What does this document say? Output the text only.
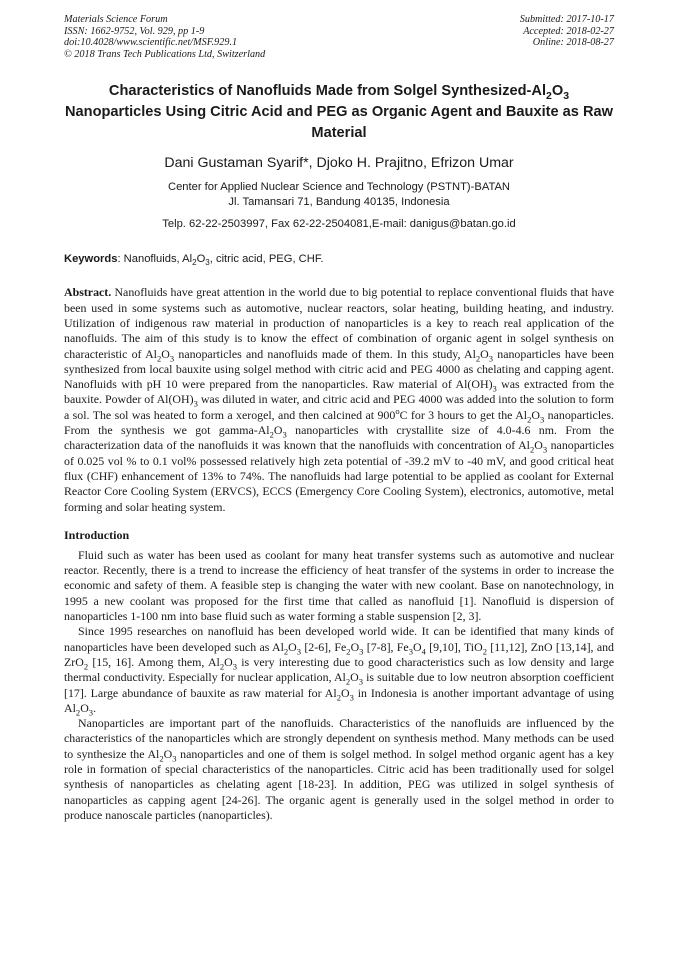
Materials Science Forum
ISSN: 1662-9752, Vol. 929, pp 1-9
doi:10.4028/www.scientific.net/MSF.929.1
© 2018 Trans Tech Publications Ltd, Switzerland
Submitted: 2017-10-17
Accepted: 2018-02-27
Online: 2018-08-27
Characteristics of Nanofluids Made from Solgel Synthesized-$Al_2O_3$ Nanoparticles Using Citric Acid and PEG as Organic Agent and Bauxite as Raw Material
Dani Gustaman Syarif*, Djoko H. Prajitno, Efrizon Umar
Center for Applied Nuclear Science and Technology (PSTNT)-BATAN
Jl. Tamansari 71, Bandung 40135, Indonesia
Telp. 62-22-2503997, Fax 62-22-2504081,E-mail: danigus@batan.go.id
Keywords: Nanofluids, $Al_2O_3$, citric acid, PEG, CHF.
Abstract. Nanofluids have great attention in the world due to big potential to replace conventional fluids that have been used in some systems such as automotive, nuclear reactors, solar heating, building heating, and industry. Utilization of indigenous raw material in production of nanoparticles is a key to reach real application of the nanofluids. The aim of this study is to know the effect of combination of organic agent in solgel synthesis on characteristic of $Al_2O_3$ nanoparticles and nanofluids made of them. In this study, $Al_2O_3$ nanoparticles have been synthesized from local bauxite using solgel method with citric acid and PEG 4000 as chelating and capping agent. Nanofluids with pH 10 were prepared from the nanoparticles. Raw material of $Al(OH)_3$ was extracted from the bauxite. Powder of $Al(OH)_3$ was diluted in water, and citric acid and PEG 4000 was added into the solution to form a sol. The sol was heated to form a xerogel, and then calcined at 900$^o$C for 3 hours to get the $Al_2O_3$ nanoparticles. From the synthesis we got gamma-$Al_2O_3$ nanoparticles with crystallite size of 4.0-4.6 nm. From the characterization data of the nanofluids it was known that the nanofluids with concentration of $Al_2O_3$ nanoparticles of 0.025 vol % to 0.1 vol% possessed relatively high zeta potential of -39.2 mV to -40 mV, and good critical heat flux (CHF) enhancement of 13% to 74%. The nanofluids had large potential to be applied as coolant for External Reactor Core Cooling System (ERVCS), ECCS (Emergency Core Cooling System), electronics, automotive, metal forming and solar heating system.
Introduction
Fluid such as water has been used as coolant for many heat transfer systems such as automotive and nuclear reactor. Recently, there is a trend to increase the efficiency of heat transfer of the systems in order to increase the economic and safety of them. A feasible step is changing the water with new coolant. Base on nanotechnology, in 1995 a new coolant was proposed for the first time that called as nanofluid [1]. Nanofluid is dispersion of nanoparticles 1-100 nm into base fluid such as water forming a stable suspension [2, 3].
Since 1995 researches on nanofluid has been developed world wide. It can be identified that many kinds of nanoparticles have been developed such as $Al_2O_3$ [2-6], $Fe_2O_3$ [7-8], $Fe_3O_4$ [9,10], TiO$_2$ [11,12], ZnO [13,14], and ZrO$_2$ [15, 16]. Among them, $Al_2O_3$ is very interesting due to good characteristics such as low density and large thermal conductivity. Especially for nuclear application, $Al_2O_3$ is suitable due to low neutron absorption coefficient [17]. Large abundance of bauxite as raw material for $Al_2O_3$ in Indonesia is another important advantage of using $Al_2O_3$.
Nanoparticles are important part of the nanofluids. Characteristics of the nanofluids are influenced by the characteristics of the nanoparticles which are strongly dependent on synthesis method. Many methods can be used to synthesize the $Al_2O_3$ nanoparticles and one of them is solgel method. In solgel method organic agent has a key role in formation of special characteristics of the nanoparticles. Citric acid has been traditionally used for solgel synthesis of nanoparticles as chelating agent [18-23]. In addition, PEG was utilized in solgel synthesis of nanoparticles as capping agent [24-26]. The organic agent is generally used in the solgel method in order to produce nanoscale particles (nanoparticles).
